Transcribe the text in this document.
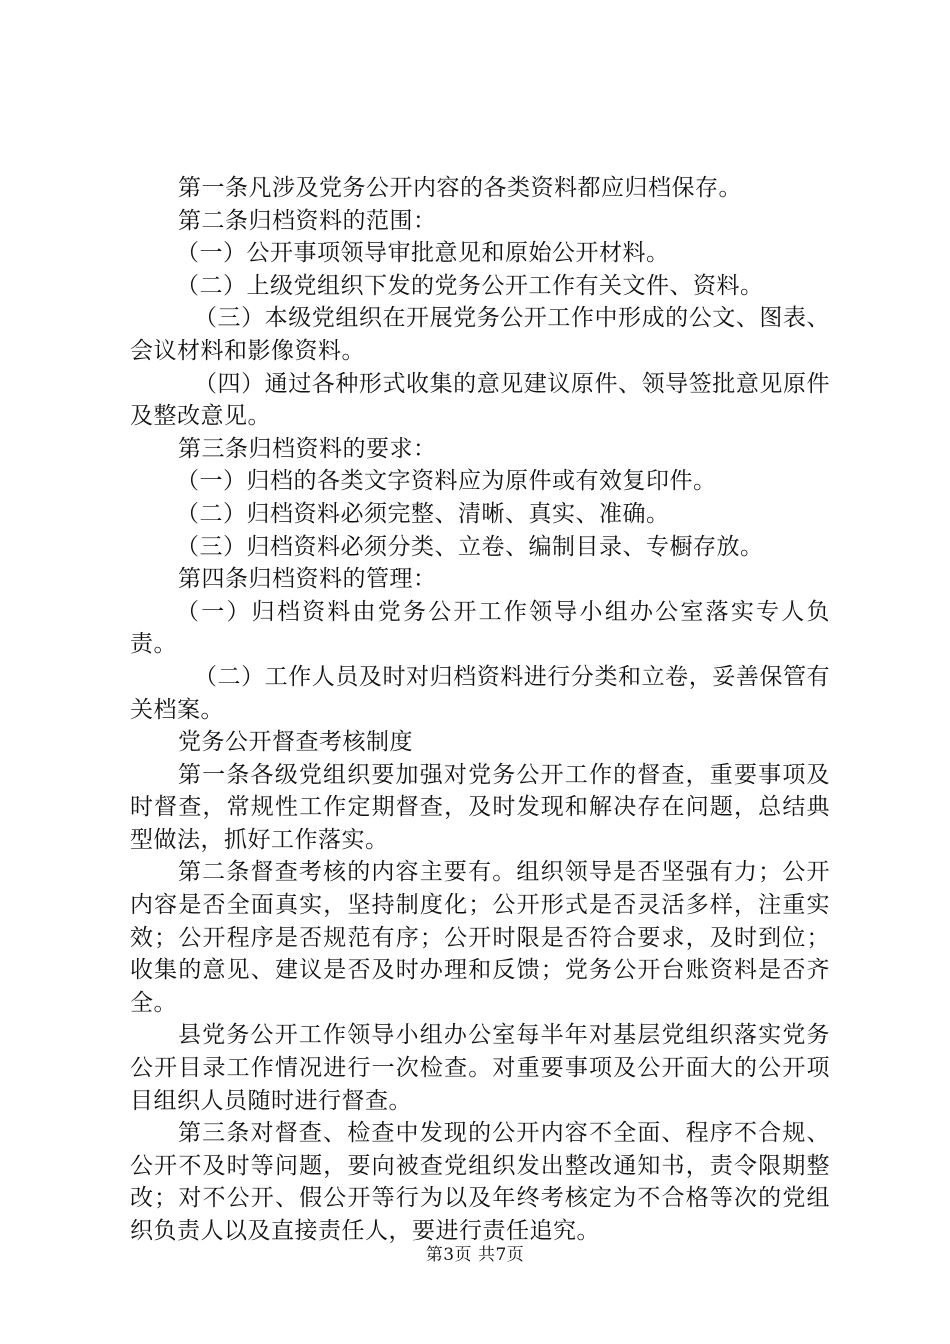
第一条凡涉及党务公开内容的各类资料都应归档保存。

第二条归档资料的范围：

（一）公开事项领导审批意见和原始公开材料。

（二）上级党组织下发的党务公开工作有关文件、资料。

（三）本级党组织在开展党务公开工作中形成的公文、图表、会议材料和影像资料。

（四）通过各种形式收集的意见建议原件、领导签批意见原件及整改意见。

第三条归档资料的要求：

（一）归档的各类文字资料应为原件或有效复印件。

（二）归档资料必须完整、清晰、真实、准确。

（三）归档资料必须分类、立卷、编制目录、专橱存放。

第四条归档资料的管理：

（一）归档资料由党务公开工作领导小组办公室落实专人负责。

（二）工作人员及时对归档资料进行分类和立卷，妥善保管有关档案。

党务公开督查考核制度

第一条各级党组织要加强对党务公开工作的督查，重要事项及时督查，常规性工作定期督查，及时发现和解决存在问题，总结典型做法，抓好工作落实。

第二条督查考核的内容主要有。组织领导是否坚强有力；公开内容是否全面真实，坚持制度化；公开形式是否灵活多样，注重实效；公开程序是否规范有序；公开时限是否符合要求，及时到位；收集的意见、建议是否及时办理和反馈；党务公开台账资料是否齐全。

县党务公开工作领导小组办公室每半年对基层党组织落实党务公开目录工作情况进行一次检查。对重要事项及公开面大的公开项目组织人员随时进行督查。

第三条对督查、检查中发现的公开内容不全面、程序不合规、公开不及时等问题，要向被查党组织发出整改通知书，责令限期整改；对不公开、假公开等行为以及年终考核定为不合格等次的党组织负责人以及直接责任人，要进行责任追究。

第3页 共7页
